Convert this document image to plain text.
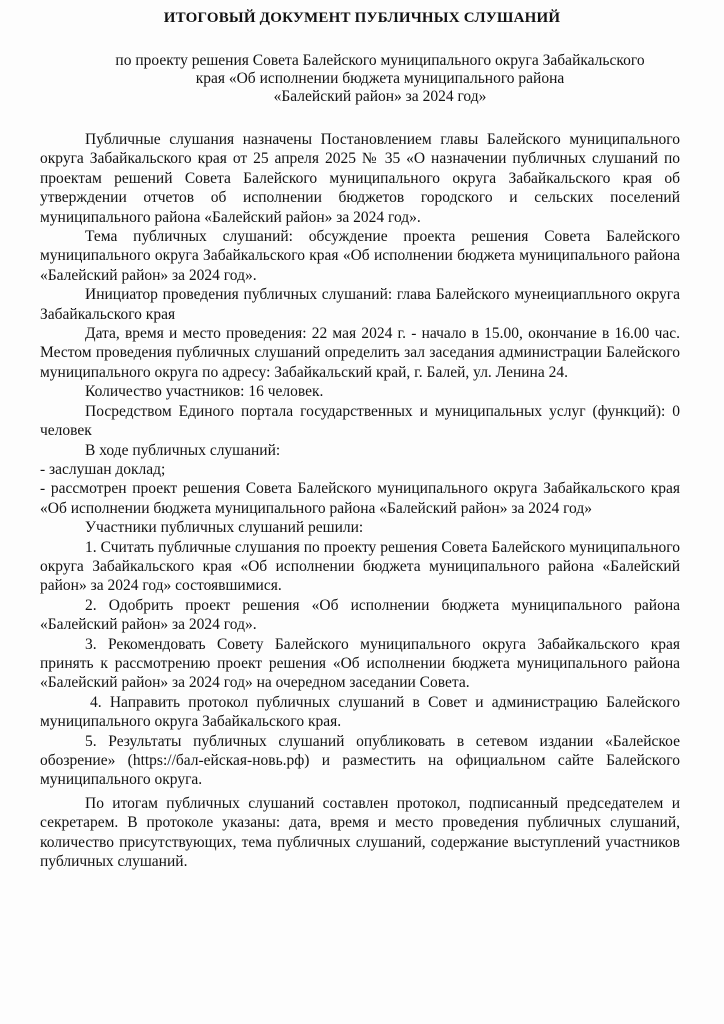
ИТОГОВЫЙ ДОКУМЕНТ ПУБЛИЧНЫХ СЛУШАНИЙ
по проекту решения Совета Балейского муниципального округа Забайкальского
края «Об исполнении бюджета муниципального района
«Балейский район» за 2024 год»

Публичные слушания назначены Постановлением главы Балейского муниципального округа Забайкальского края от 25 апреля 2025 № 35 «О назначении публичных слушаний по проектам решений Совета Балейского муниципального округа Забайкальского края об утверждении отчетов об исполнении бюджетов городского и сельских поселений муниципального района «Балейский район» за 2024 год».

Тема публичных слушаний: обсуждение проекта решения Совета Балейского муниципального округа Забайкальского края «Об исполнении бюджета муниципального района «Балейский район» за 2024 год».

Инициатор проведения публичных слушаний: глава Балейского мунеициапльного округа Забайкальского края

Дата, время и место проведения: 22 мая 2024 г. - начало в 15.00, окончание в 16.00 час. Местом проведения публичных слушаний определить зал заседания администрации Балейского муниципального округа по адресу: Забайкальский край, г. Балей, ул. Ленина 24.

Количество участников: 16 человек.

Посредством Единого портала государственных и муниципальных услуг (функций): 0 человек

В ходе публичных слушаний:

- заслушан доклад;

- рассмотрен проект решения Совета Балейского муниципального округа Забайкальского края «Об исполнении бюджета муниципального района «Балейский район» за 2024 год»

Участники публичных слушаний решили:

1. Считать публичные слушания по проекту решения Совета Балейского муниципального округа Забайкальского края «Об исполнении бюджета муниципального района «Балейский район» за 2024 год» состоявшимися.

2. Одобрить проект решения «Об исполнении бюджета муниципального района «Балейский район» за 2024 год».

3. Рекомендовать Совету Балейского муниципального округа Забайкальского края принять к рассмотрению проект решения «Об исполнении бюджета муниципального района «Балейский район» за 2024 год» на очередном заседании Совета.

4. Направить протокол публичных слушаний в Совет и администрацию Балейского муниципального округа Забайкальского края.

5. Результаты публичных слушаний опубликовать в сетевом издании «Балейское обозрение» (https://бал-ейская-новь.рф) и разместить на официальном сайте Балейского муниципального округа.

По итогам публичных слушаний составлен протокол, подписанный председателем и секретарем. В протоколе указаны: дата, время и место проведения публичных слушаний, количество присутствующих, тема публичных слушаний, содержание выступлений участников публичных слушаний.
